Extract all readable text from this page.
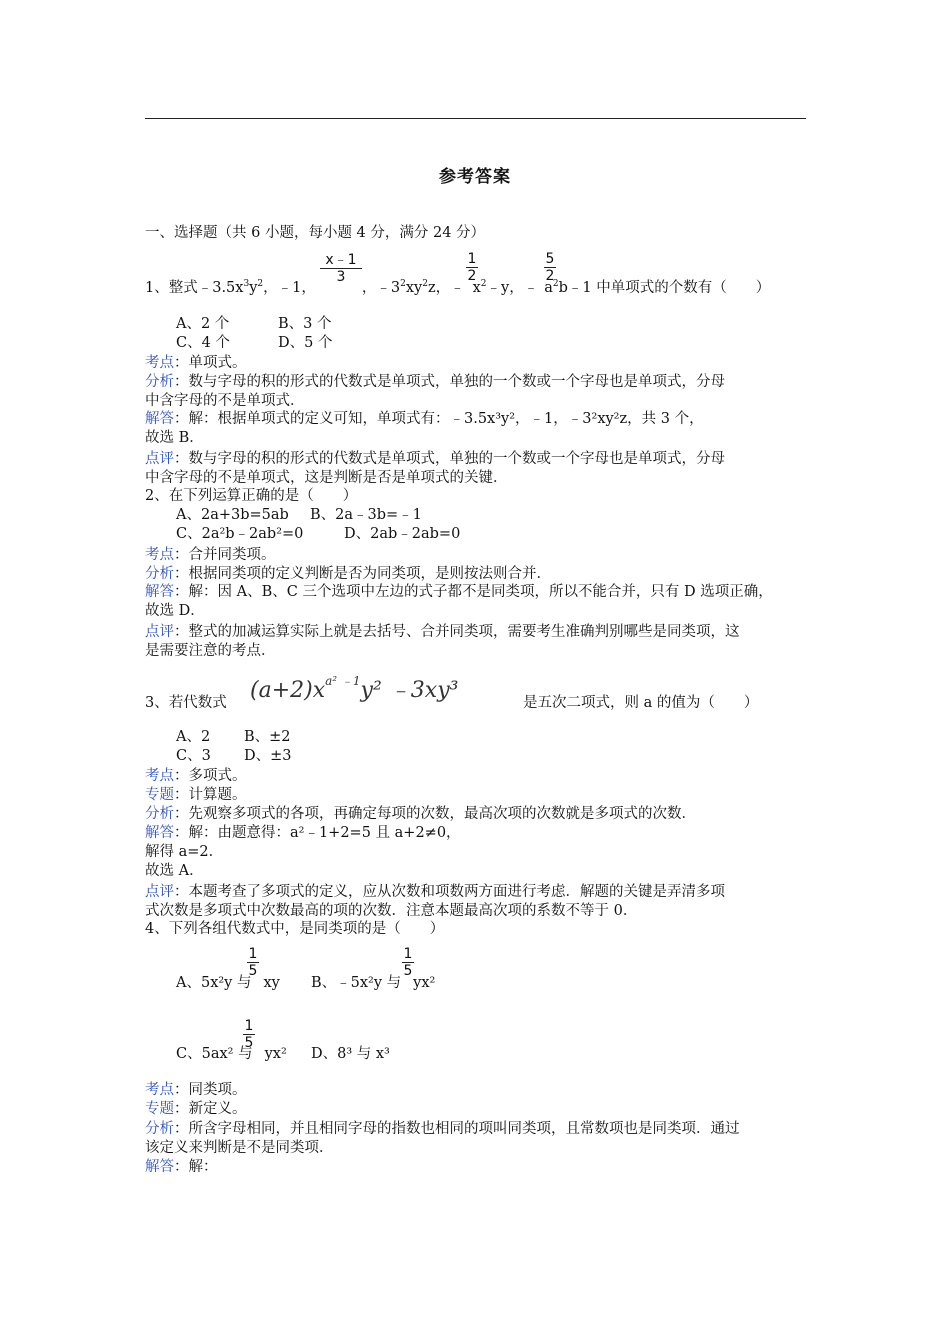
参考答案
一、选择题（共 6 小题，每小题 4 分，满分 24 分）
x﹣1
3
1
2
5
2
1、整式$﹣3.5x^3y^2$，﹣1，	，$﹣3^2xy^2z$，﹣ $x^2﹣y$，﹣ $a^2b﹣1$ 中单项式的个数有（　　）
A、2 个	B、3 个
C、4 个	D、5 个
考点：单项式。
分析：数与字母的积的形式的代数式是单项式，单独的一个数或一个字母也是单项式，分母
中含字母的不是单项式．
解答：解：根据单项式的定义可知，单项式有：﹣3.5x³y²，﹣1，﹣3²xy²z，共 3 个，
故选 B．
点评：数与字母的积的形式的代数式是单项式，单独的一个数或一个字母也是单项式，分母
中含字母的不是单项式，这是判断是否是单项式的关键．
2、在下列运算正确的是（　　）
A、2a+3b=5ab B、2a﹣3b=﹣1
C、2a²b﹣2ab²=0	D、2ab﹣2ab=0
考点：合并同类项。
分析：根据同类项的定义判断是否为同类项，是则按法则合并．
解答：解：因 A、B、C 三个选项中左边的式子都不是同类项，所以不能合并，只有 D 选项正确，
故选 D．
点评：整式的加减运算实际上就是去括号、合并同类项，需要考生准确判别哪些是同类项，这
是需要注意的考点．
$(a+2)x^{a^2 ﹣1}y^2$ ﹣3xy³
3、若代数式	是五次二项式，则 a 的值为（　　）
A、2 B、±2
C、3 D、±3
考点：多项式。
专题：计算题。
分析：先观察多项式的各项，再确定每项的次数，最高次项的次数就是多项式的次数．
解答：解：由题意得：a²﹣1+2=5 且 a+2≠0，
解得 a=2．
故选 A．
点评：本题考查了多项式的定义，应从次数和项数两方面进行考虑．解题的关键是弄清多项
式次数是多项式中次数最高的项的次数．注意本题最高次项的系数不等于 0．
4、下列各组代数式中，是同类项的是（　　）
1
5
1
5
A、5x²y 与 xy B、﹣5x²y 与 yx²
1
5
C、5ax² 与 yx² D、8³ 与 x³
考点：同类项。
专题：新定义。
分析：所含字母相同，并且相同字母的指数也相同的项叫同类项，且常数项也是同类项．通过
该定义来判断是不是同类项．
解答：解：
